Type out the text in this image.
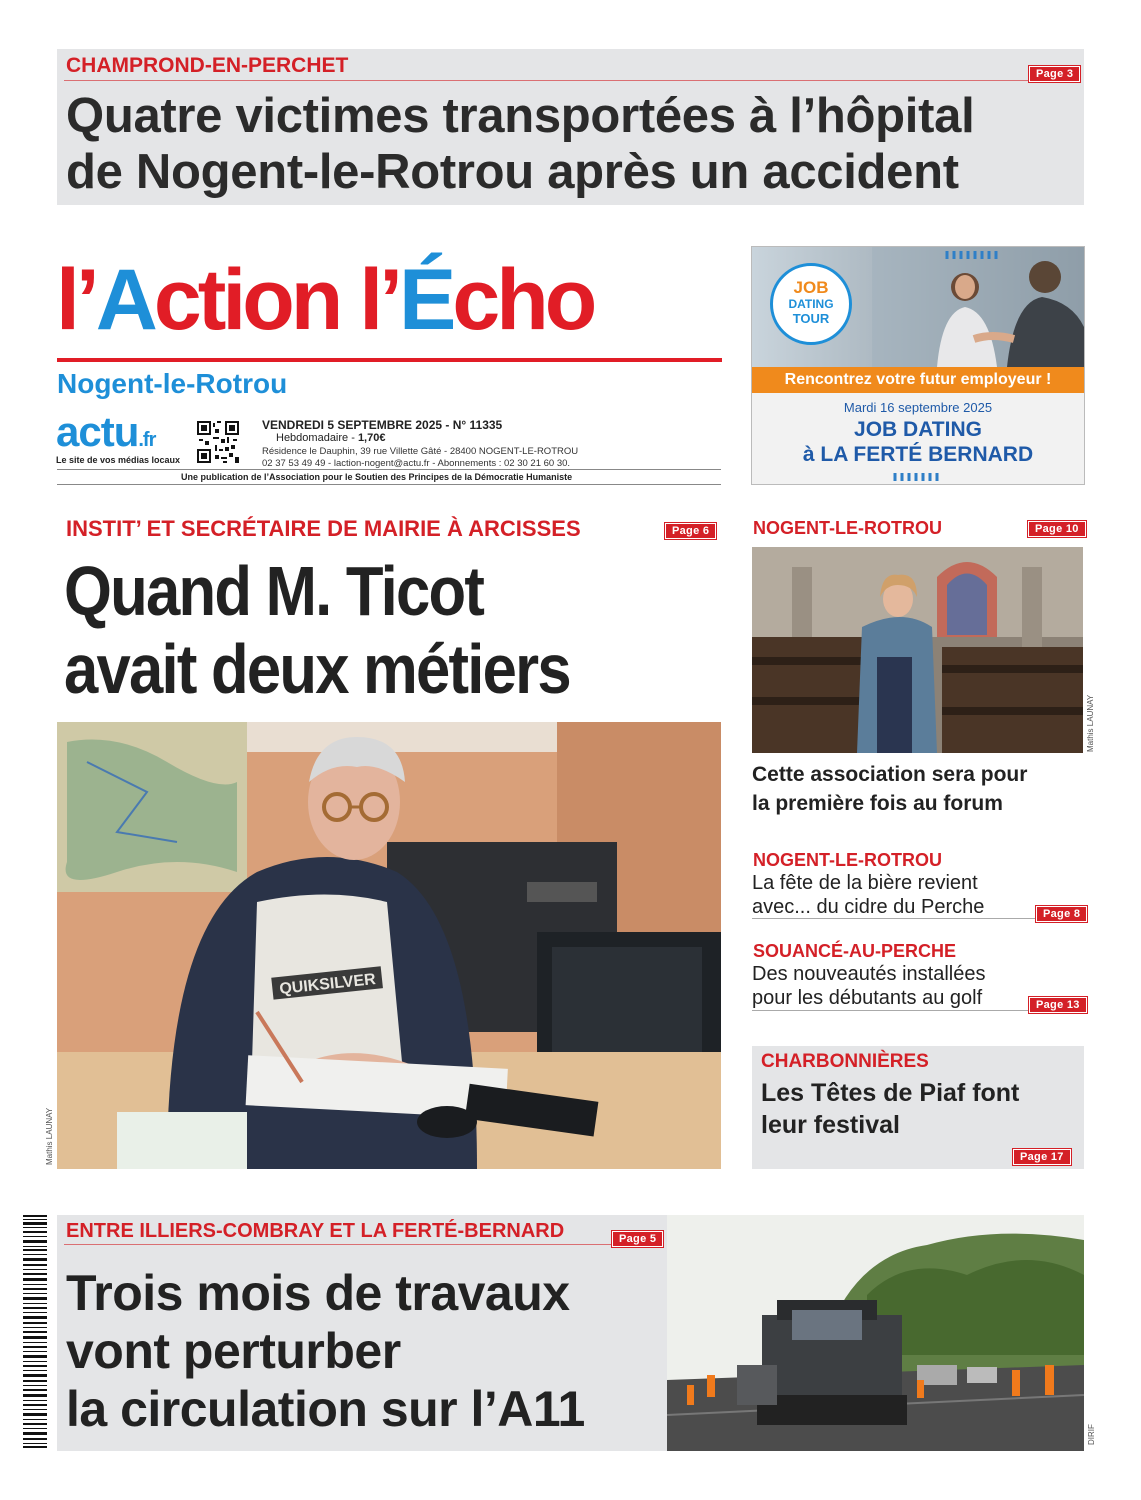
CHAMPROND-EN-PERCHET	Page 3
Quatre victimes transportées à l’hôpital
de Nogent-le-Rotrou après un accident
l’Action l’Écho
Nogent-le-Rotrou
actu.fr
Le site de vos médias locaux
VENDREDI 5 SEPTEMBRE 2025 - N° 11335
Hebdomadaire - 1,70€
Résidence le Dauphin, 39 rue Villette Gâté - 28400 NOGENT-LE-ROTROU
02 37 53 49 49 - laction-nogent@actu.fr - Abonnements : 02 30 21 60 30.
Une publication de l’Association pour le Soutien des Principes de la Démocratie Humaniste
JOB
DATING
TOUR
Rencontrez votre futur employeur !
Mardi 16 septembre 2025
JOB DATING
à LA FERTÉ BERNARD
INSTIT’ ET SECRÉTAIRE DE MAIRIE À ARCISSES	Page 6
Quand M. Ticot
avait deux métiers
QUIKSILVER
Mathis LAUNAY
NOGENT-LE-ROTROU	Page 10
Mathis LAUNAY
Cette association sera pour
la première fois au forum
NOGENT-LE-ROTROU
La fête de la bière revient
avec... du cidre du Perche	Page 8
SOUANCÉ-AU-PERCHE
Des nouveautés installées
pour les débutants au golf	Page 13
CHARBONNIÈRES
Les Têtes de Piaf font
leur festival
Page 17
ENTRE ILLIERS-COMBRAY ET LA FERTÉ-BERNARD	Page 5
Trois mois de travaux
vont perturber
la circulation sur l’A11	DIRIF
